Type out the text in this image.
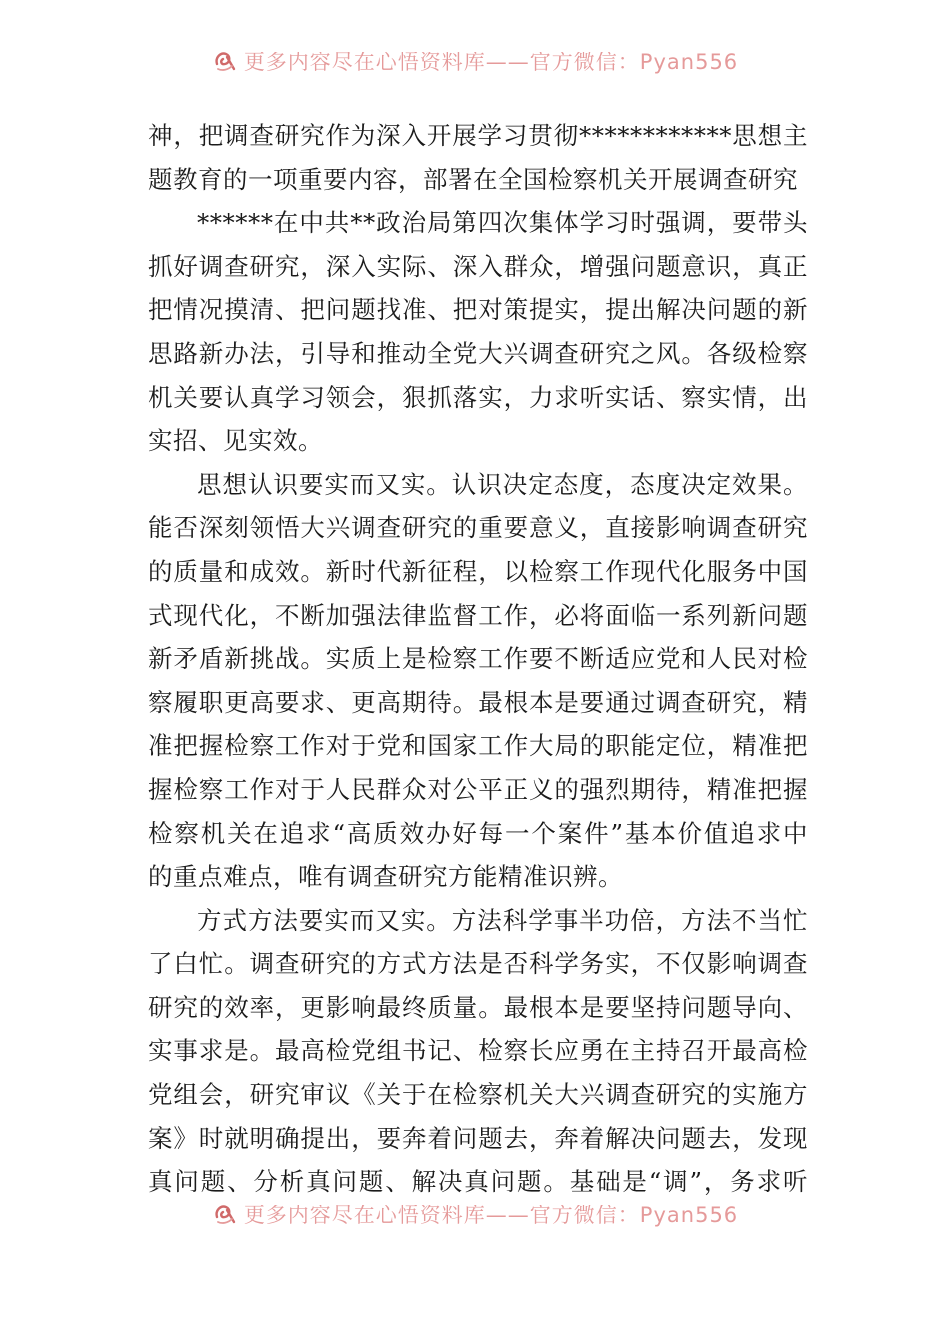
更多内容尽在心悟资料库——官方微信：Pyan556
神，把调查研究作为深入开展学习贯彻************思想主
题教育的一项重要内容，部署在全国检察机关开展调查研究
******在中共**政治局第四次集体学习时强调，要带头
抓好调查研究，深入实际、深入群众，增强问题意识，真正
把情况摸清、把问题找准、把对策提实，提出解决问题的新
思路新办法，引导和推动全党大兴调查研究之风。各级检察
机关要认真学习领会，狠抓落实，力求听实话、察实情，出
实招、见实效。
思想认识要实而又实。认识决定态度，态度决定效果。
能否深刻领悟大兴调查研究的重要意义，直接影响调查研究
的质量和成效。新时代新征程，以检察工作现代化服务中国
式现代化，不断加强法律监督工作，必将面临一系列新问题
新矛盾新挑战。实质上是检察工作要不断适应党和人民对检
察履职更高要求、更高期待。最根本是要通过调查研究，精
准把握检察工作对于党和国家工作大局的职能定位，精准把
握检察工作对于人民群众对公平正义的强烈期待，精准把握
检察机关在追求“高质效办好每一个案件”基本价值追求中
的重点难点，唯有调查研究方能精准识辨。
方式方法要实而又实。方法科学事半功倍，方法不当忙
了白忙。调查研究的方式方法是否科学务实，不仅影响调查
研究的效率，更影响最终质量。最根本是要坚持问题导向、
实事求是。最高检党组书记、检察长应勇在主持召开最高检
党组会，研究审议《关于在检察机关大兴调查研究的实施方
案》时就明确提出，要奔着问题去，奔着解决问题去，发现
真问题、分析真问题、解决真问题。基础是“调”，务求听
更多内容尽在心悟资料库——官方微信：Pyan556
